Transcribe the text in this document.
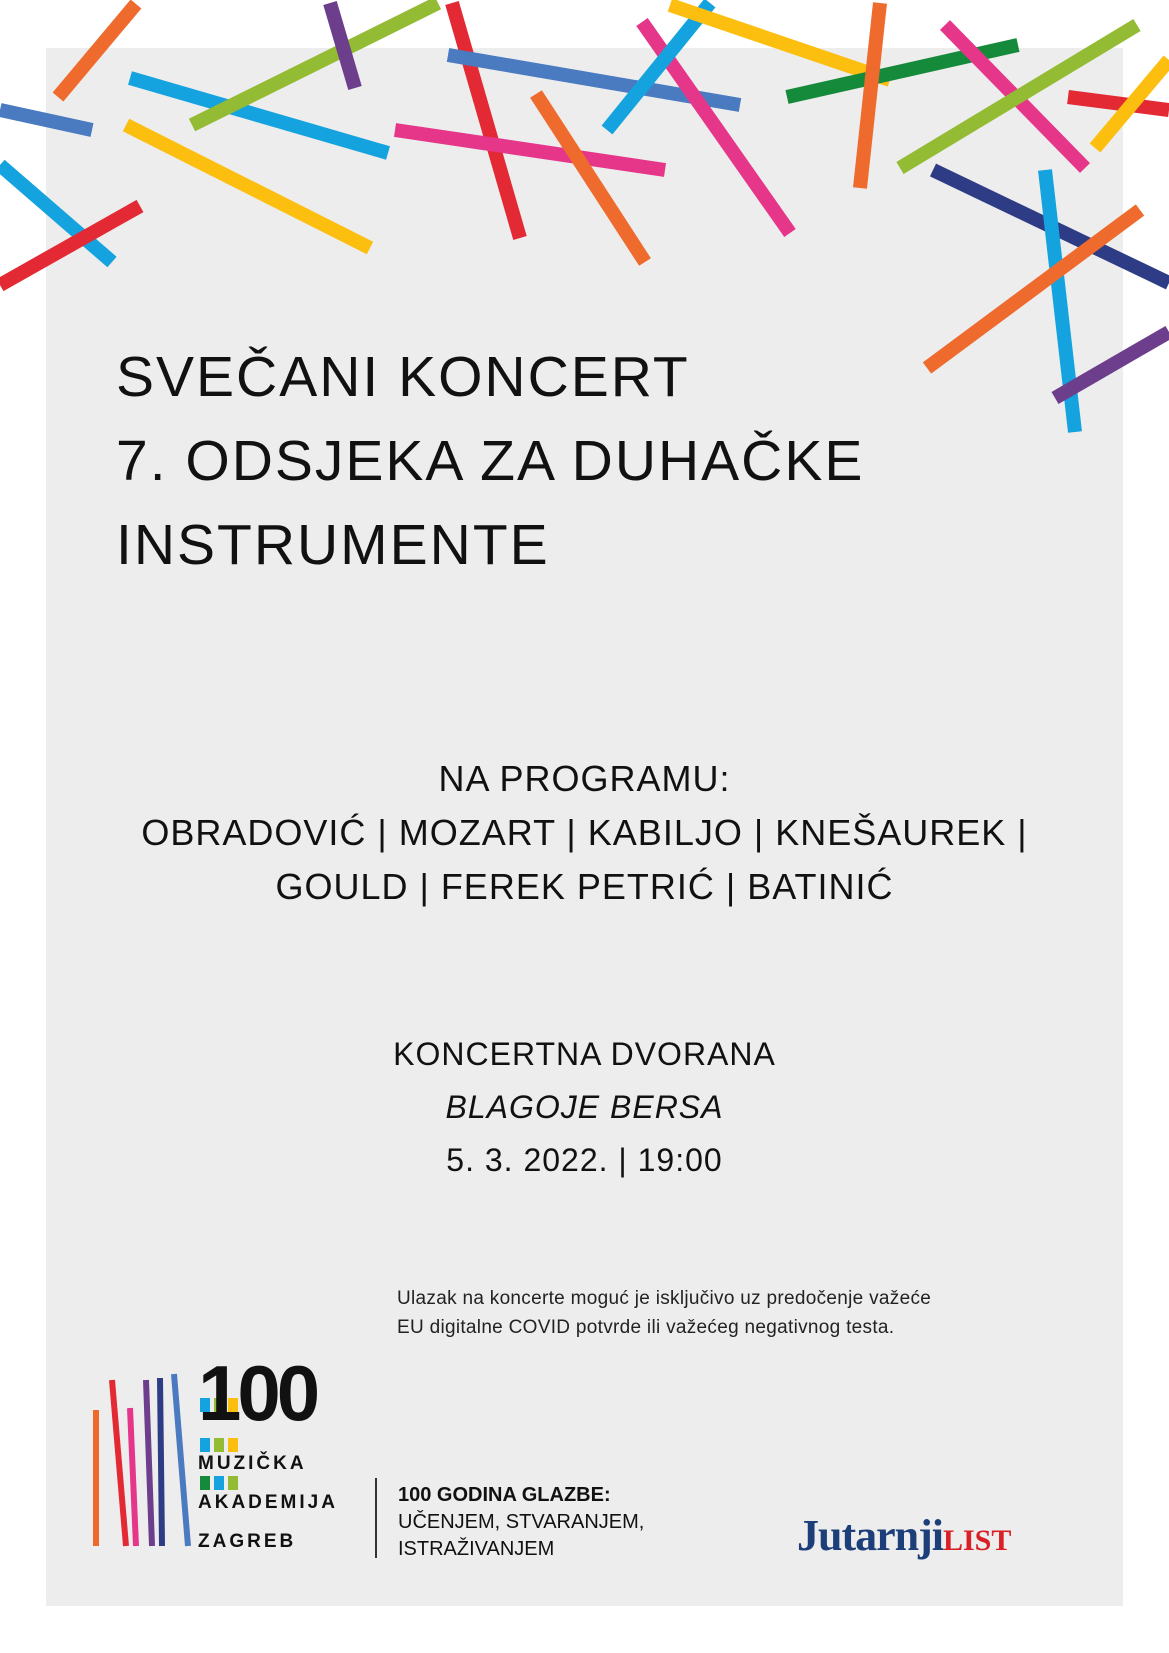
SVEČANI KONCERT
7. ODSJEKA ZA DUHAČKE
INSTRUMENTE
NA PROGRAMU:
OBRADOVIĆ | MOZART | KABILJO | KNEŠAUREK |
GOULD | FEREK PETRIĆ | BATINIĆ
KONCERTNA DVORANA
BLAGOJE BERSA
5. 3. 2022. | 19:00
Ulazak na koncerte moguć je isključivo uz predočenje važeće
EU digitalne COVID potvrde ili važećeg negativnog testa.
100
MUZIČKA
AKADEMIJA
ZAGREB
100 GODINA GLAZBE:
UČENJEM, STVARANJEM,
ISTRAŽIVANJEM	JutarnjiLIST
